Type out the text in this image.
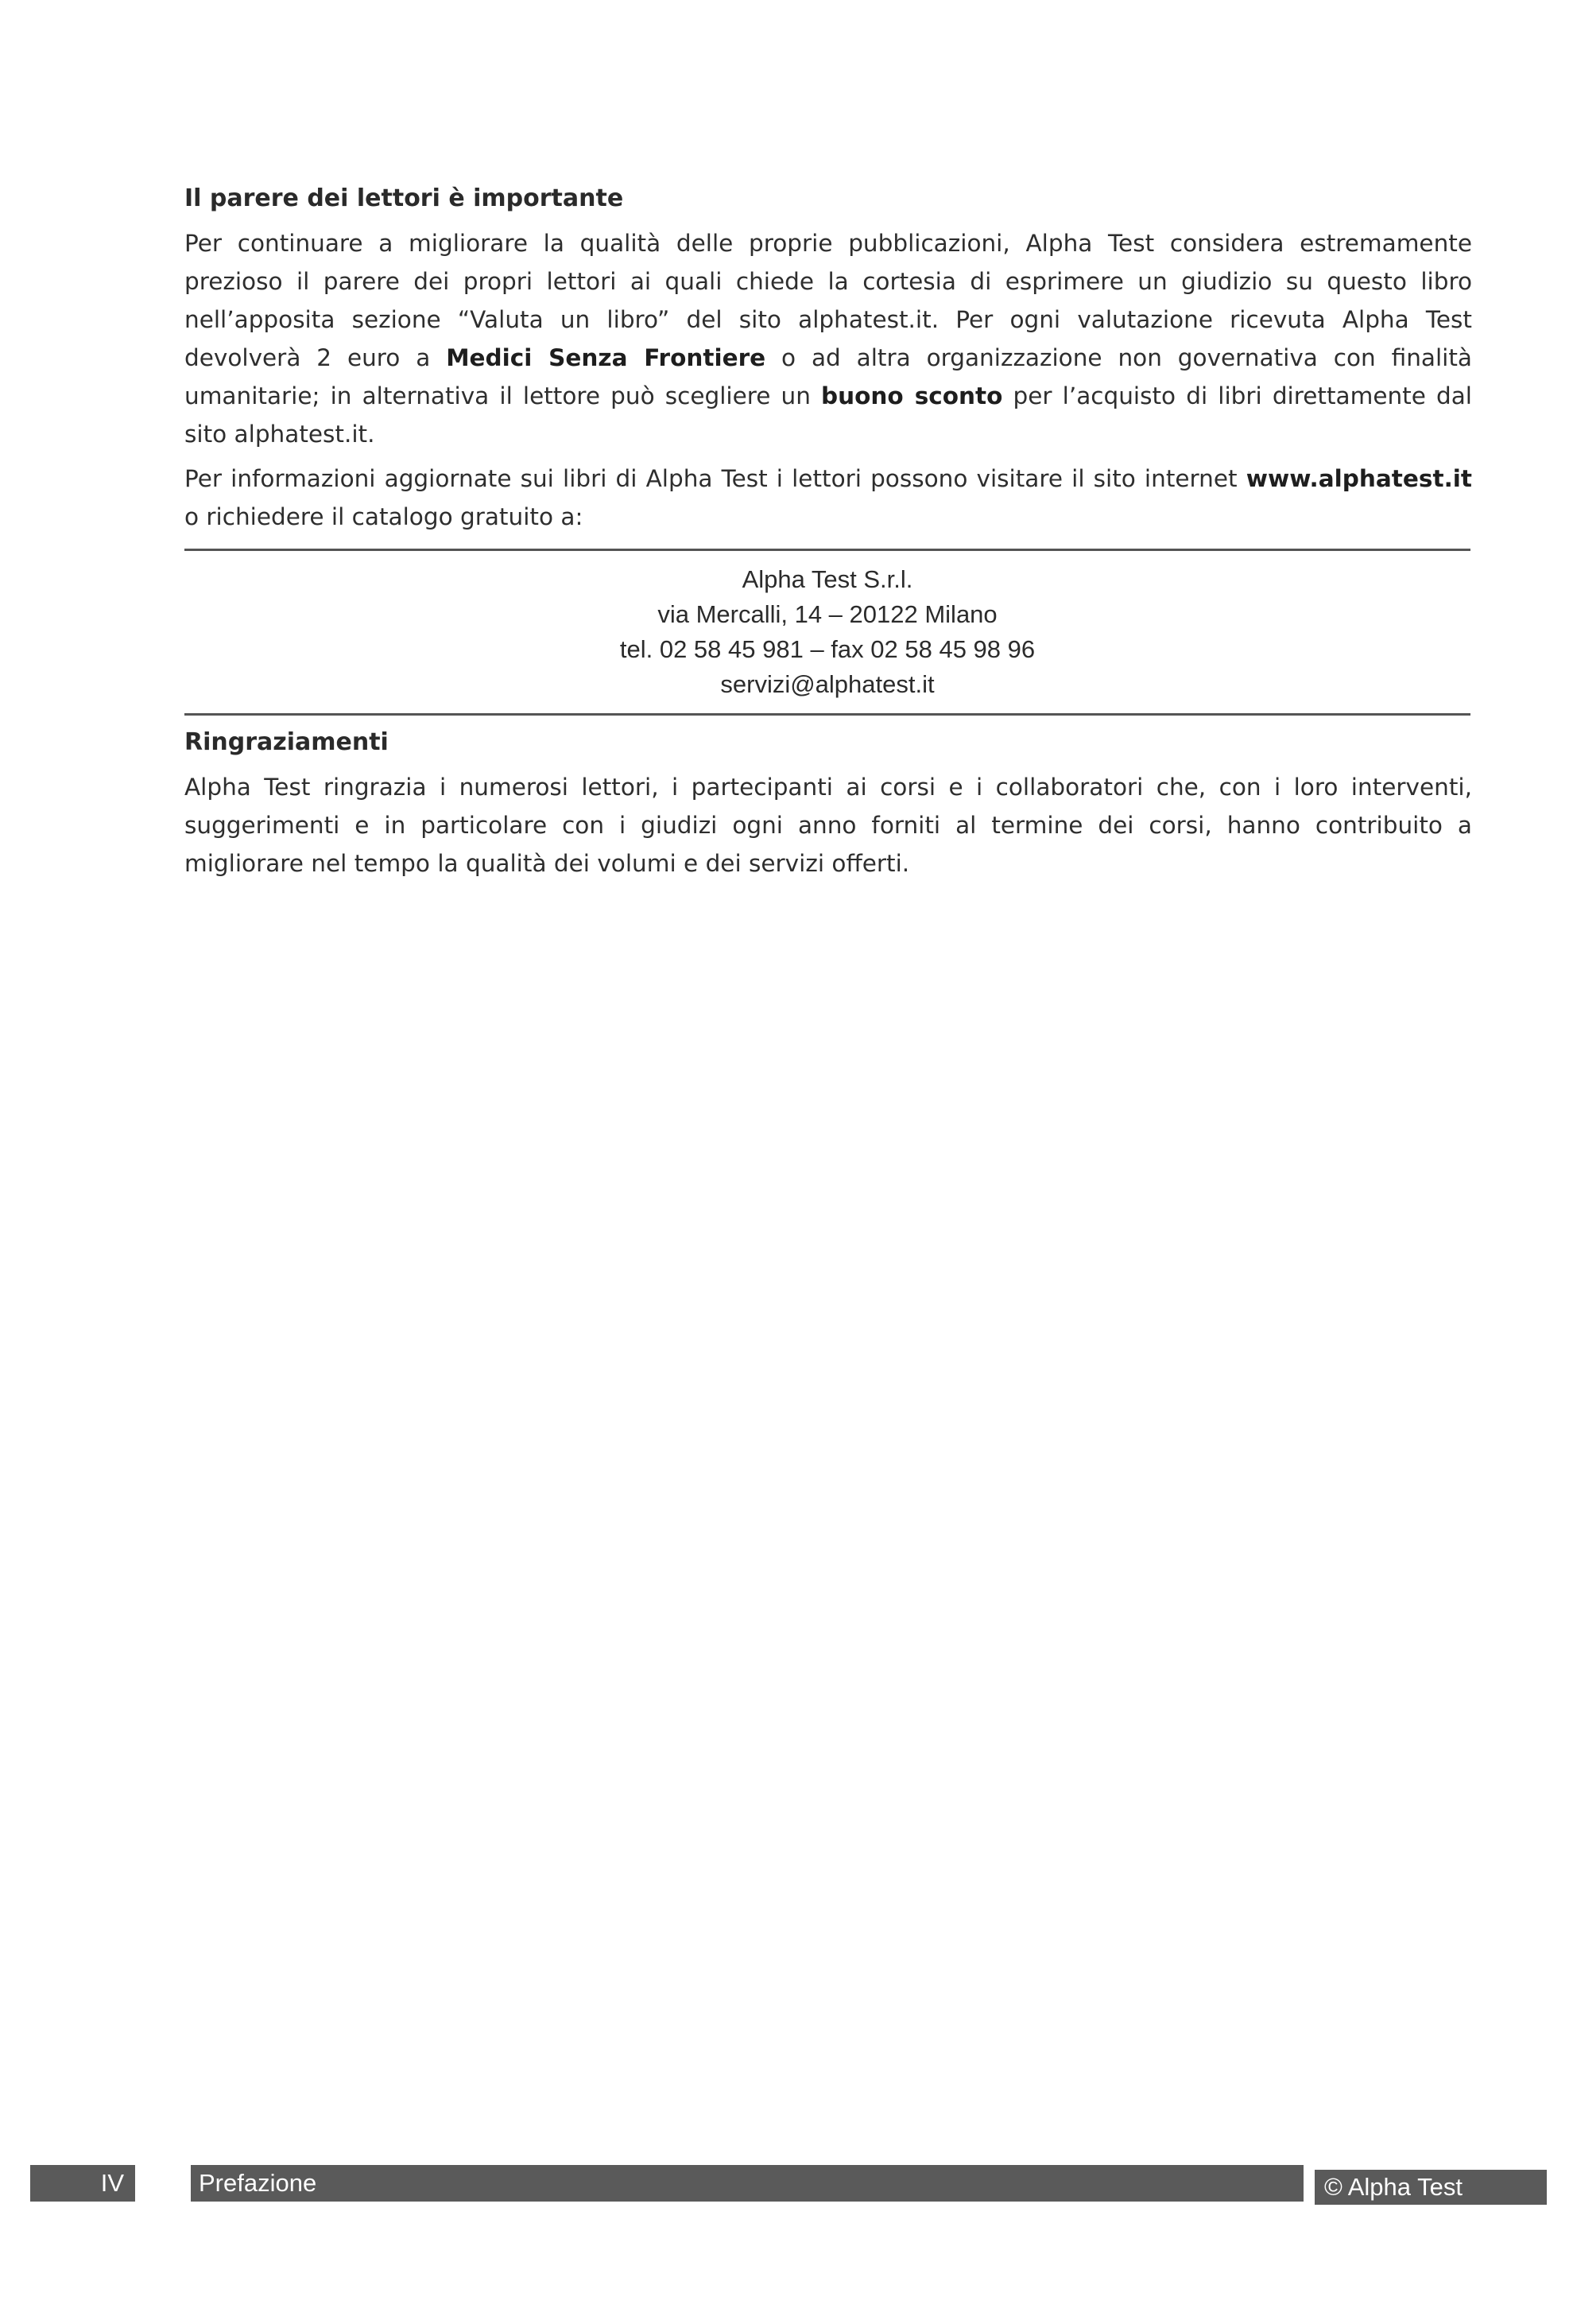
Il parere dei lettori è importante

Per continuare a migliorare la qualità delle proprie pubblicazioni, Alpha Test considera estremamente prezioso il parere dei propri lettori ai quali chiede la cortesia di esprimere un giudizio su questo libro nell’apposita sezione “Valuta un libro” del sito alphatest.it. Per ogni valutazione ricevuta Alpha Test devolverà 2 euro a Medici Senza Frontiere o ad altra organizzazione non governativa con finalità umanitarie; in alternativa il lettore può scegliere un buono sconto per l’acquisto di libri direttamente dal sito alphatest.it.

Per informazioni aggiornate sui libri di Alpha Test i lettori possono visitare il sito internet www.alphatest.it o richiedere il catalogo gratuito a:

Alpha Test S.r.l.
via Mercalli, 14 – 20122 Milano
tel. 02 58 45 981 – fax 02 58 45 98 96
servizi@alphatest.it
Ringraziamenti

Alpha Test ringrazia i numerosi lettori, i partecipanti ai corsi e i collaboratori che, con i loro interventi, suggerimenti e in particolare con i giudizi ogni anno forniti al termine dei corsi, hanno contribuito a migliorare nel tempo la qualità dei volumi e dei servizi offerti.

IV	Prefazione	© Alpha Test
